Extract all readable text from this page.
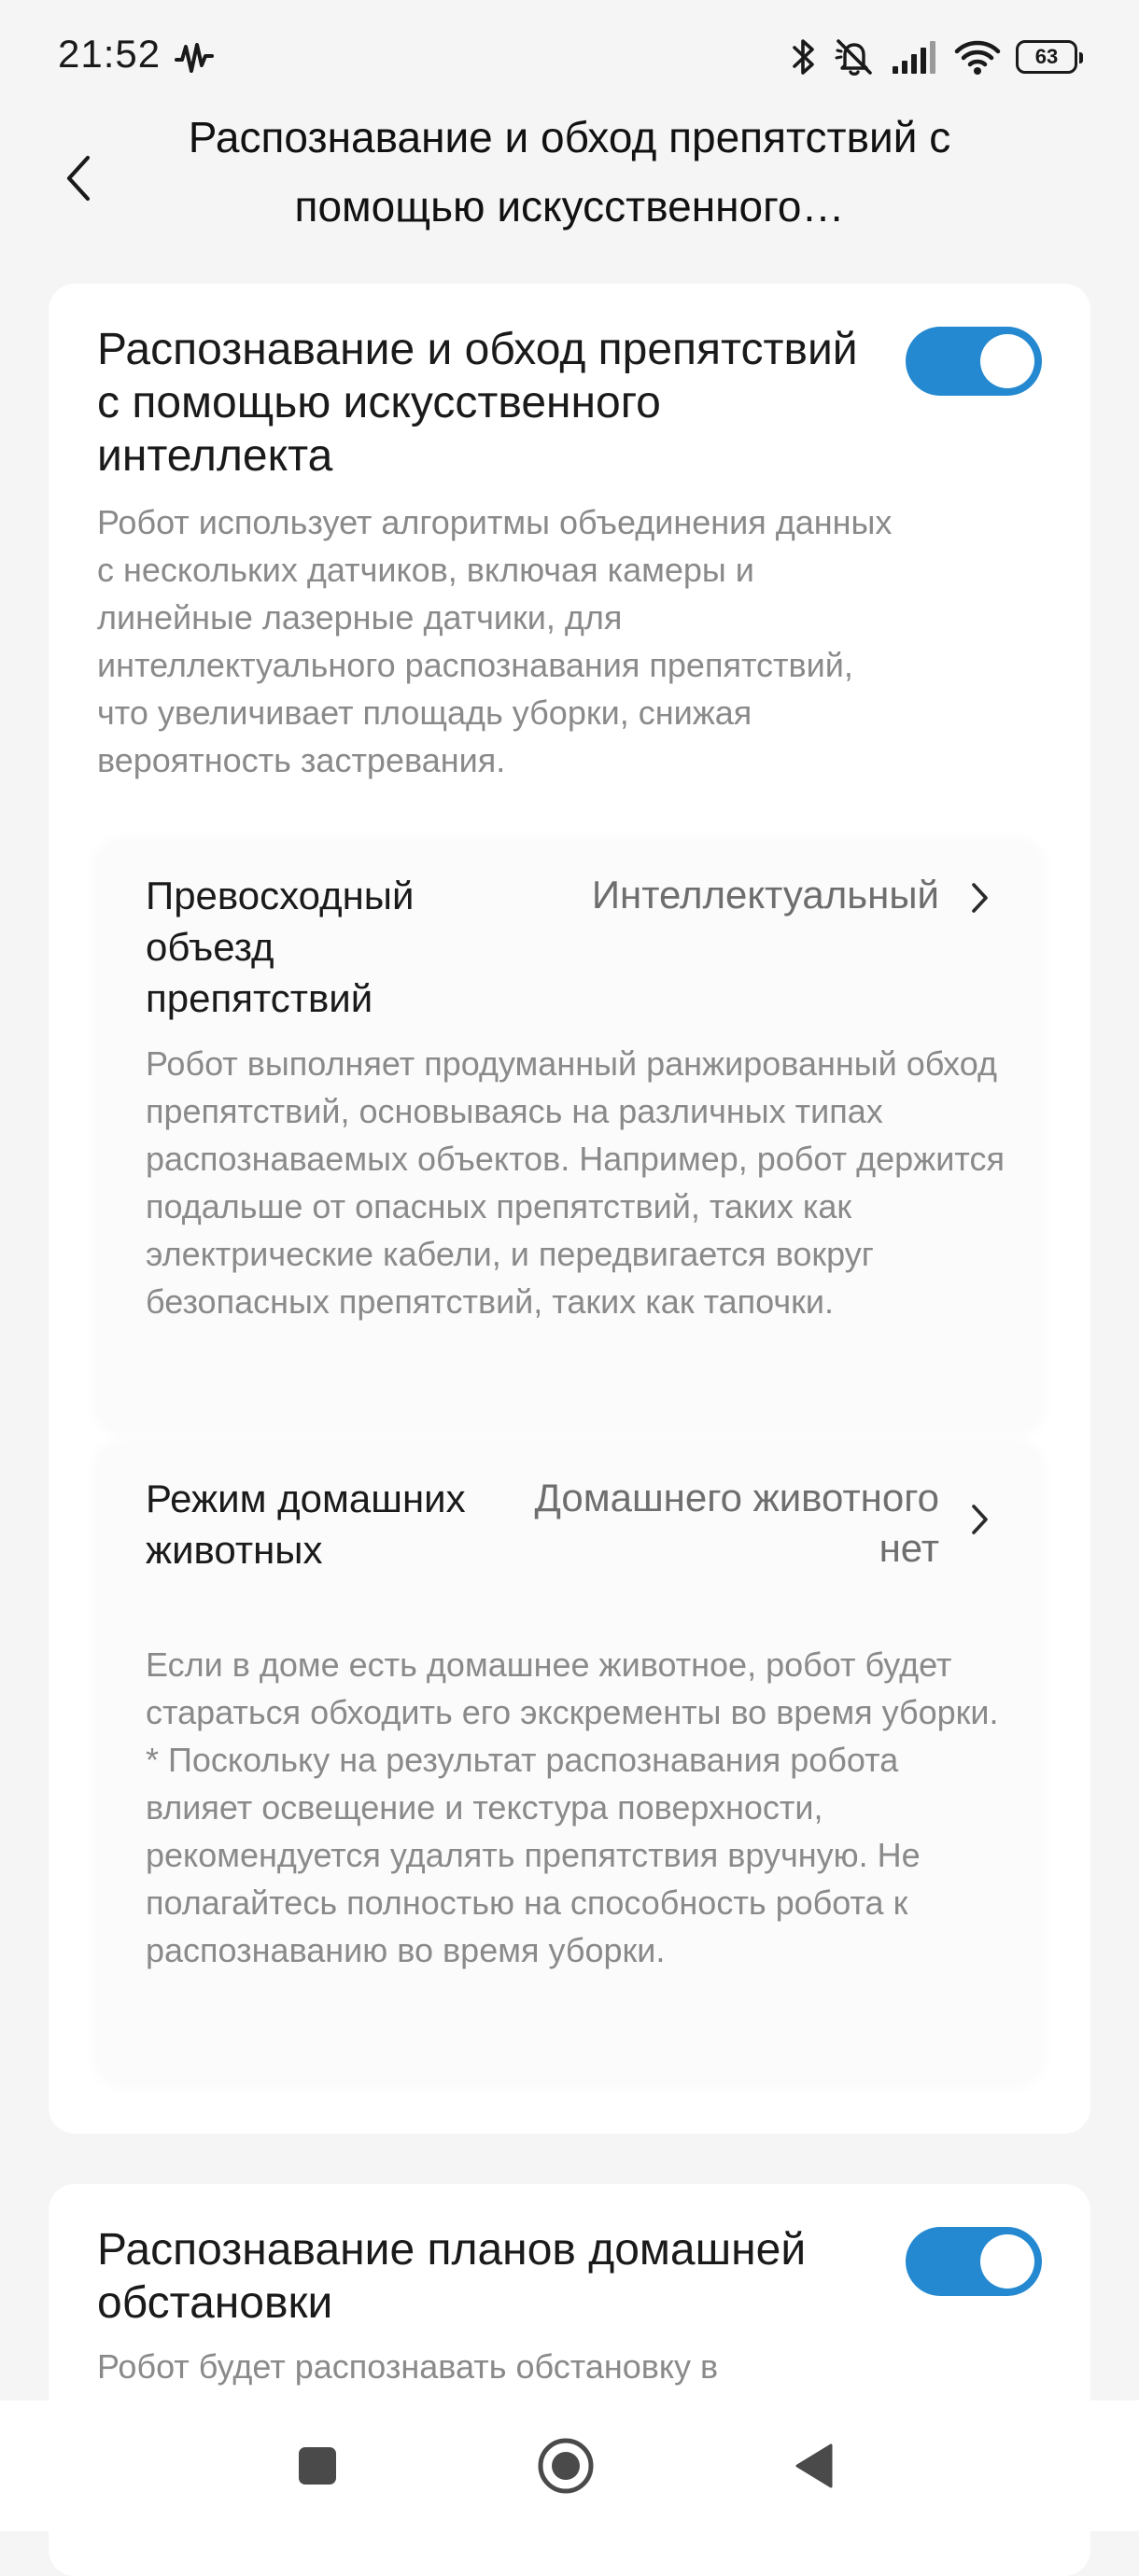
21:52	63
Распознавание и обход препятствий с помощью искусственного…
Распознавание и обход препятствий с помощью искусственного интеллекта
Робот использует алгоритмы объединения данных с нескольких датчиков, включая камеры и линейные лазерные датчики, для интеллектуального распознавания препятствий, что увеличивает площадь уборки, снижая вероятность застревания.
Превосходный объезд препятствий
Интеллектуальный
Робот выполняет продуманный ранжированный обход препятствий, основываясь на различных типах распознаваемых объектов. Например, робот держится подальше от опасных препятствий, таких как электрические кабели, и передвигается вокруг безопасных препятствий, таких как тапочки.
Режим домашних животных
Домашнего животного нет
Если в доме есть домашнее животное, робот будет стараться обходить его экскременты во время уборки.
* Поскольку на результат распознавания робота влияет освещение и текстура поверхности, рекомендуется удалять препятствия вручную. Не полагайтесь полностью на способность робота к распознаванию во время уборки.
Распознавание планов домашней обстановки
Робот будет распознавать обстановку в
